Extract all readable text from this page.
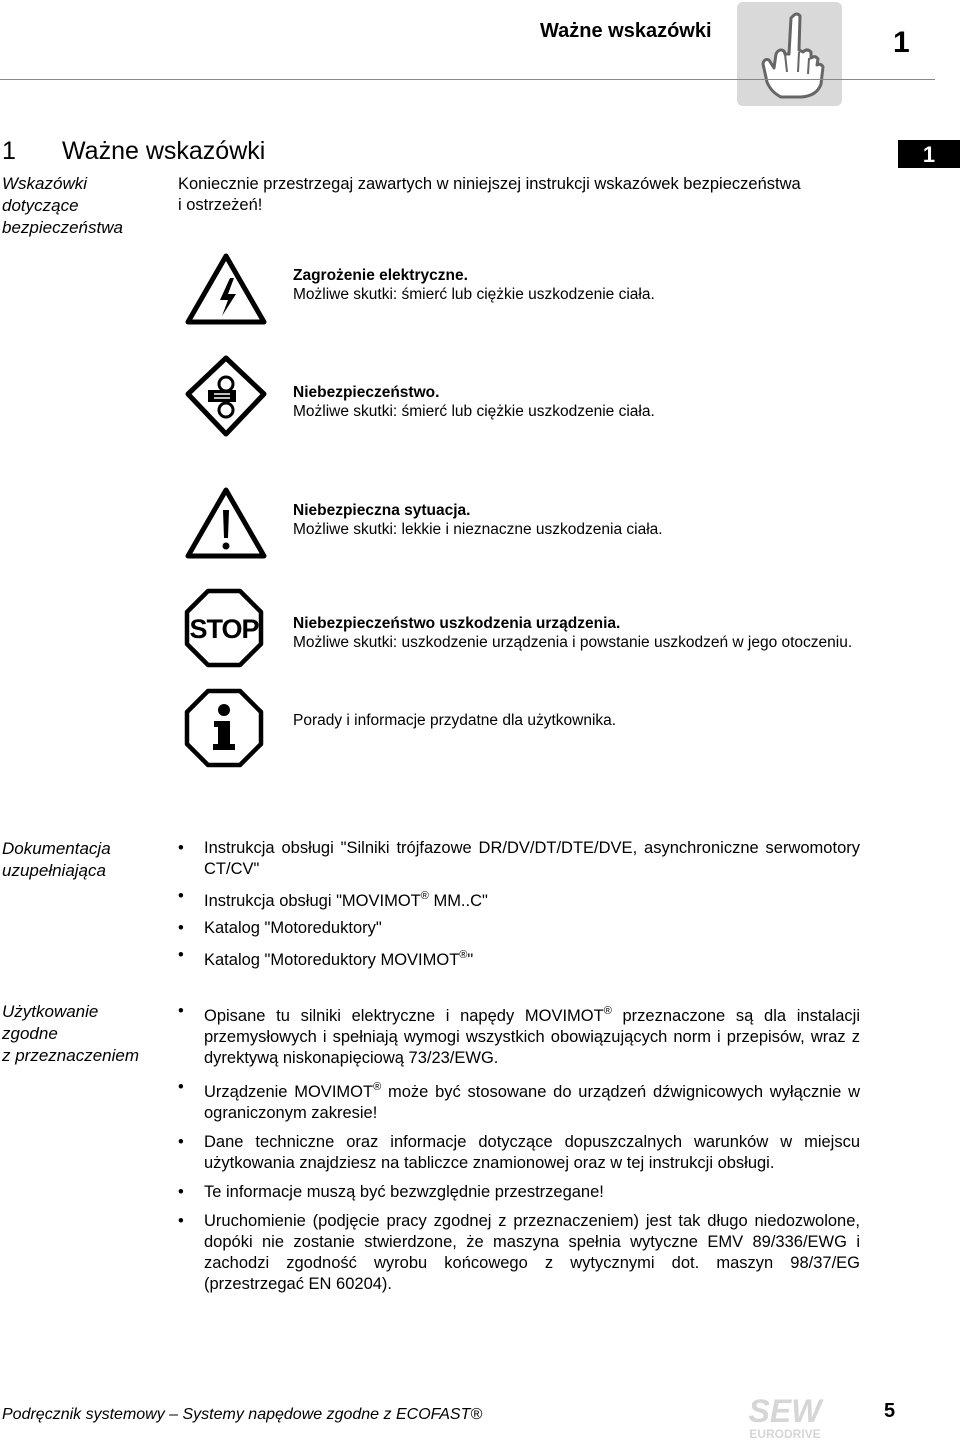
Ważne wskazówki	1
1 Ważne wskazówki	1
Wskazówki
dotyczące
bezpieczeństwa
Koniecznie przestrzegaj zawartych w niniejszej instrukcji wskazówek bezpieczeństwa
i ostrzeżeń!
Zagrożenie elektryczne.
Możliwe skutki: śmierć lub ciężkie uszkodzenie ciała.
Niebezpieczeństwo.
Możliwe skutki: śmierć lub ciężkie uszkodzenie ciała.
Niebezpieczna sytuacja.
Możliwe skutki: lekkie i nieznaczne uszkodzenia ciała.
STOP Niebezpieczeństwo uszkodzenia urządzenia.
Możliwe skutki: uszkodzenie urządzenia i powstanie uszkodzeń w jego otoczeniu.
Porady i informacje przydatne dla użytkownika.
Dokumentacja
uzupełniająca
• Instrukcja obsługi "Silniki trójfazowe DR/DV/DT/DTE/DVE, asynchroniczne serwomotory CT/CV"
• Instrukcja obsługi "MOVIMOT® MM..C"
• Katalog "Motoreduktory"
• Katalog "Motoreduktory MOVIMOT®"
Użytkowanie
zgodne
z przeznaczeniem
• Opisane tu silniki elektryczne i napędy MOVIMOT® przeznaczone są dla instalacji przemysłowych i spełniają wymogi wszystkich obowiązujących norm i przepisów, wraz z dyrektywą niskonapięciową 73/23/EWG.
• Urządzenie MOVIMOT® może być stosowane do urządzeń dźwignicowych wyłącznie w ograniczonym zakresie!
• Dane techniczne oraz informacje dotyczące dopuszczalnych warunków w miejscu użytkowania znajdziesz na tabliczce znamionowej oraz w tej instrukcji obsługi.
• Te informacje muszą być bezwzględnie przestrzegane!
• Uruchomienie (podjęcie pracy zgodnej z przeznaczeniem) jest tak długo niedozwolone, dopóki nie zostanie stwierdzone, że maszyna spełnia wytyczne EMV 89/336/EWG i zachodzi zgodność wyrobu końcowego z wytycznymi dot. maszyn 98/37/EG (przestrzegać EN 60204).
Podręcznik systemowy – Systemy napędowe zgodne z ECOFAST®	SEW
EURODRIVE
5
